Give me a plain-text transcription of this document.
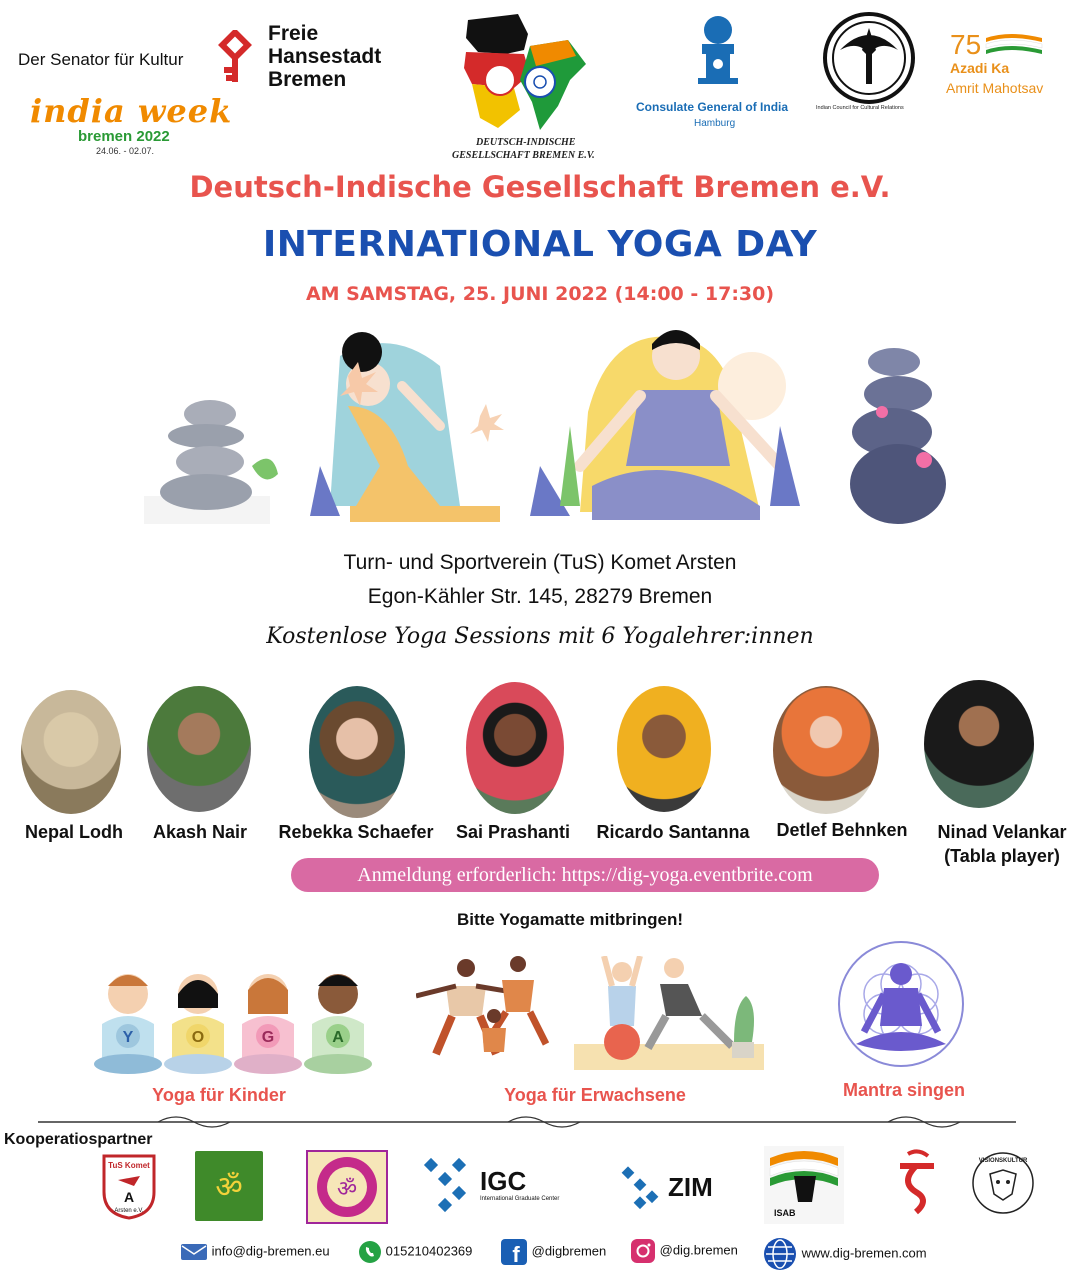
Der Senator für Kultur
Freie
Hansestadt
Bremen
india week
bremen 2022
24.06. - 02.07.
DEUTSCH-INDISCHE
GESELLSCHAFT BREMEN E.V.
Consulate General of India
Hamburg
Indian Council for Cultural Relations
75
Azadi Ka
Amrit Mahotsav
Deutsch-Indische Gesellschaft Bremen e.V.
INTERNATIONAL YOGA DAY
AM SAMSTAG, 25. JUNI 2022 (14:00 - 17:30)
Turn- und Sportverein (TuS) Komet Arsten
Egon-Kähler Str. 145, 28279 Bremen
Kostenlose Yoga Sessions mit 6 Yogalehrer:innen
Nepal Lodh	Akash Nair	Rebekka Schaefer	Sai Prashanti	Ricardo Santanna	Detlef Behnken	Ninad Velankar
(Tabla player)
Anmeldung erforderlich: https://dig-yoga.eventbrite.com
Bitte Yogamatte mitbringen!
Y	O	G	A
Yoga für Kinder	Yoga für Erwachsene	Mantra singen
Kooperatiospartner
TuS Komet
A
Arsten e.V.
ॐ	ॐ	IGC
International Graduate Center	ZIM
ISAB
VISIONSKULTUR
info@dig-bremen.eu	015210402369 f @digbremen	@dig.bremen	www.dig-bremen.com
